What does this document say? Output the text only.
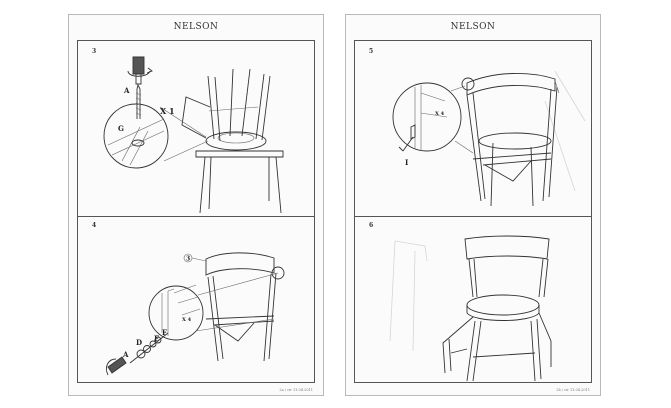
NELSON
3
4
A
G
X 1
3
F
E
D
A
X 4
2a / cir 11.04.2011
NELSON
5
6
I
X 4
2b / cir 11.04.2011
